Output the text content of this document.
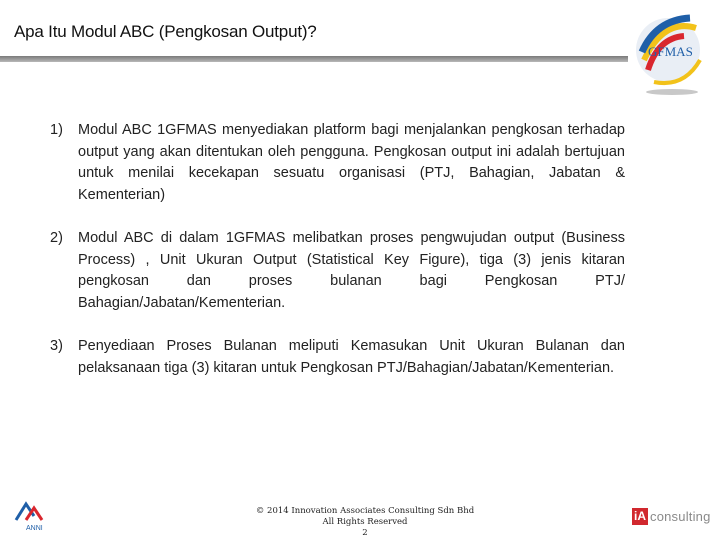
Apa Itu Modul ABC (Pengkosan Output)?
GFMAS
1)	Modul ABC 1GFMAS menyediakan platform bagi menjalankan pengkosan terhadap output yang akan ditentukan oleh pengguna. Pengkosan output ini adalah bertujuan untuk menilai kecekapan sesuatu organisasi (PTJ, Bahagian, Jabatan & Kementerian)
2)	Modul ABC di dalam 1GFMAS melibatkan proses pengwujudan output (Business Process) , Unit Ukuran Output (Statistical Key Figure), tiga (3) jenis kitaran pengkosan dan proses bulanan bagi Pengkosan PTJ/ Bahagian/Jabatan/Kementerian.
3)	Penyediaan Proses Bulanan meliputi Kemasukan Unit Ukuran Bulanan dan pelaksanaan tiga (3) kitaran untuk Pengkosan PTJ/Bahagian/Jabatan/Kementerian.
ANNI
© 2014 Innovation Associates Consulting Sdn Bhd
All Rights Reserved
2
iA consulting
